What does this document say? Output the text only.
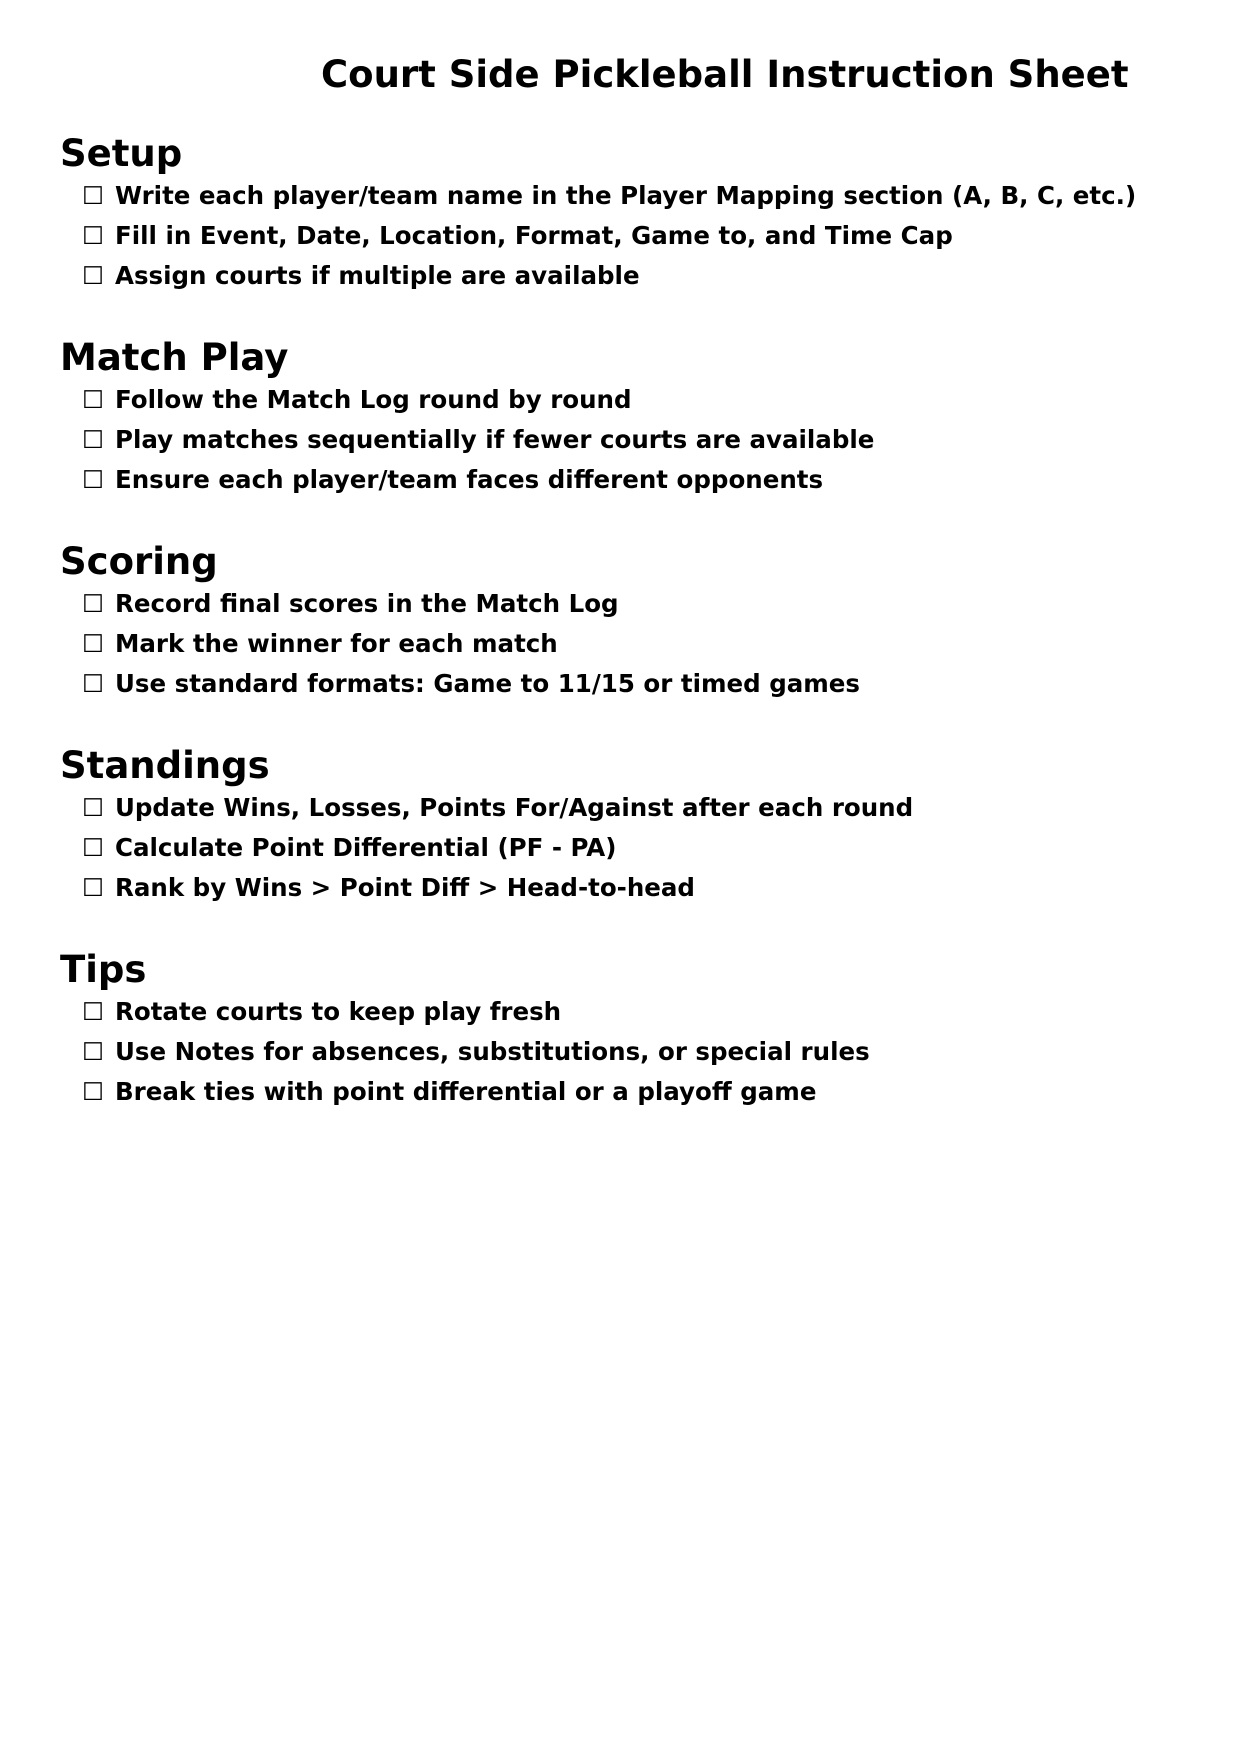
Court Side Pickleball Instruction Sheet
Setup
☐ Write each player/team name in the Player Mapping section (A, B, C, etc.)
☐ Fill in Event, Date, Location, Format, Game to, and Time Cap
☐ Assign courts if multiple are available
Match Play
☐ Follow the Match Log round by round
☐ Play matches sequentially if fewer courts are available
☐ Ensure each player/team faces different opponents
Scoring
☐ Record final scores in the Match Log
☐ Mark the winner for each match
☐ Use standard formats: Game to 11/15 or timed games
Standings
☐ Update Wins, Losses, Points For/Against after each round
☐ Calculate Point Differential (PF - PA)
☐ Rank by Wins > Point Diff > Head-to-head
Tips
☐ Rotate courts to keep play fresh
☐ Use Notes for absences, substitutions, or special rules
☐ Break ties with point differential or a playoff game
